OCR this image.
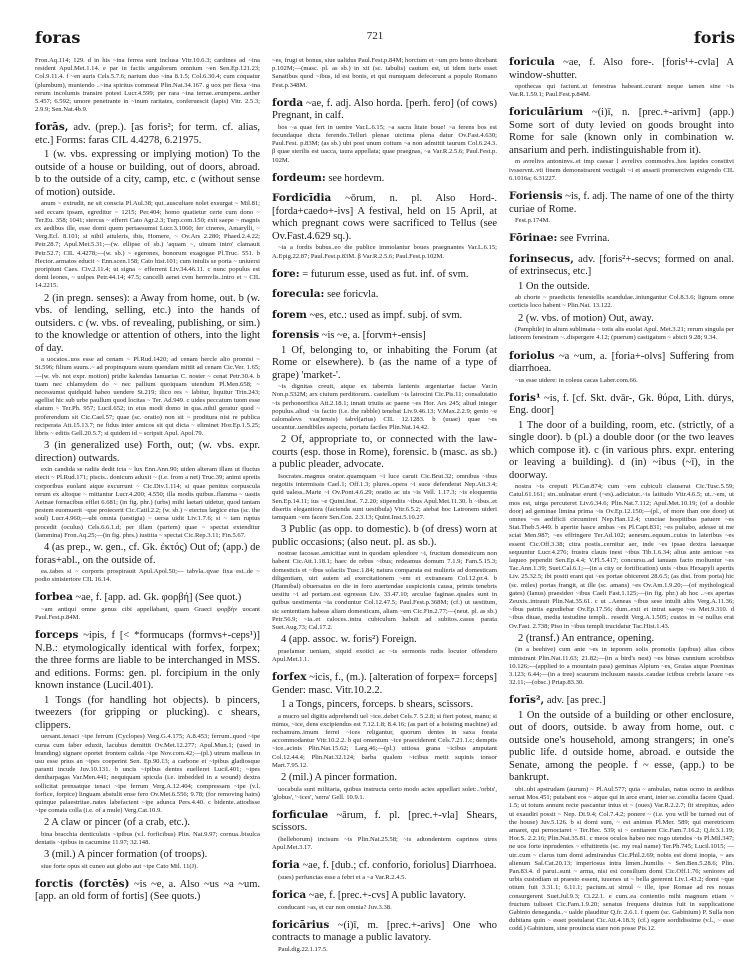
foras	721	foris
Fron.Aq.114; 129. d in his ~ina ferrea sunt inclusa Vitr.10.6.3; cardines ad ~ina resident Apul.Met.1.14. e par in faciis angulorum omnium ~en Sen.Ep.121.23; Col.9.11.4. f ~en auris Cels.5.7.6; narium duo ~ina 8.1.5; Col.6.30.4; cum coquatur (plumbum), muniendo ..~ina spiritus commeat Plin.Nat.34.167. g uox per flexa ~ina rerum incolumis transire potest Lucr.4.599; per rara ~ina terrae..erumpens..aether 5.457; 6.592; umore penetrante in ~inum raritates, conferuescit (lapis) Vitr. 2.5.3; 2.9.9; Sen.Nat.4b.9.
forās, adv. (prep.). [as foris²; for term. cf. alias, etc.] Forms: faras CIL 4.4278, 6.21975.
1 (w. vbs. expressing or implying motion) To the outside of a house or building, out of doors, abroad. b to the outside of a city, camp, etc. c (without sense of motion) outside.
anum ~ extrudit, ne sit conscia Pl.Aul.38; qui..auscultare nolet exsurgat ~ Mil.81; sed eccam ipsam, egreditur ~ 1215; Per.404; homo quatietur certe cum dono ~ Ter.Eu. 358; 1041; stercus ~ efferri Cato Agr.2.3; Turp.com.150; exit saepe ~ magnis ex aedibus ille, esse domi quem pertaesumst Lucr.3.1060; fer cineres, Amarylli, ~ Verg.Ecl. 8.101; si nihil attuleris, ibis, Homere, ~ Ov.Ars 2.280; Phaed.2.4.22; Petr.28.7; Apul.Met.5.31;—(w. ellipse of sb.) 'aquam ~, uinum intro' clamauit Petr.52.7; CIL 4.4278;—(w. sb.) ~ egerones, bonorum exagogae Pl.Truc. 551. b Hector..armatos educit ~ Enn.scen.158; Cato hist.101; cum intulis se porta ~ uniuersi proripiunt Caes. Civ.2.11.4; ut signa ~ efferrent Liv.34.46.11. c nunc populus est domi leones, ~ uulpes Petr.44.14; 47.5; cancelli aenei cvm hermvlis..intro et ~ CIL 14.2215.
2 (in pregn. senses): a Away from home, out. b (w. vbs. of lending, selling, etc.) into the hands of outsiders. c (w. vbs. of revealing, publishing, or sim.) to the knowledge or attention of others, into the light of day.
a uocatos..uos esse ad cenam ~ Pl.Rud.1420; ad cenam hercle alio promisi ~ St.596; filium suum..~ ad propinquum suum quendam mittit ad cenam Cic.Ver. 1.65;—(w. vb. not expr. motion) pridie kalendas Ianuarias C. noster ~ cenat Petr.30.4. b tuam nec chlamydem do ~ nec pallium quoiquam utendum Pl.Men.658; ~ necessumst quidquid habeo uendere St.219; ilico res ~ labitur, liquitur Trin.243; agellist hic sub urbe paullum quod locitas ~ Ter. Ad.949. c uides peccatum tuom esse elatum ~ Ter.Ph. 957; Lucil.652; in eius modi domo in qua..nihil geratur quod ~ proferendum sit Cic.Cael.57; quae (sc. oratio) non sit ~ proditura nisi re publica reciperata Att.15.13.7; ne fidus inter amicos sit qui dicta ~ eliminet Hor.Ep.1.5.25; libris ~ editis Gell.20.5.7; si quidem id ~ scripsit Apul. Apol.79.
3 (in generalized use) Forth, out; (w. vbs. expr. direction) outwards.
exin candida se radiis dedit icta ~ lux Enn.Ann.90; uiden alteram illam ut fluctus eiecit ~ Pl.Rud.171; piscis.. donicum aduxit ~ (i.e. from a net) Truc.39; animi spretis corporibus euolant atque excurrunt ~ Cic.Div.1.114; si quae penitus corpuscula rerum ex altoque ~ mittantur Lucr.4.200; 4.550; illa modis quibus..flamma ~ uastis Aetnae fornacibus efflet 6.681; (in fig. phr.) (urbs) mihi laetari uidetur, quod tantam pestem euomuerit ~que proiecerit Cic.Catil.2.2; (w. sb.) ~ eiectus largice eius (sc. the soul) Lucr.4.960;—ubi omnia (uestigia) ~ uersa uidit Liv.1.7.6; si ~ iam ruptus procedit (oculus) Cels.6.6.1.d; per illam (partem) quae ~ spectat extenditur (lammina) Fron.Aq.25;—(in fig. phrs.) iustitia ~ spectat Cic.Rep.3.11; Fin.5.67.
4 (as prep., w. gen., cf. Gk. ἐκτός) Out of; (app.) de foras+abl., on the outside of.
ea..tabes si ~ corporis prospirauit Apul.Apol.50;— tabvla..qvae fixa est..de ~ podio sinisteriore CIL 16.14.
forbea ~ae, f. [app. ad. Gk. φορβή] (See quot.)
~am antiqui omne genus cibi appellabant, quam Graeci φορβήν uocant Paul.Fest.p.84M.
forceps ~ipis, f [< *formucaps (formvs+-ceps¹)] N.B.: etymologically identical with forfex, forpex; the three forms are liable to be interchanged in MSS. and editions. Forms: gen. pl. forcipium in the only known instance (Lucil.401).
1 Tongs (for handling hot objects). b pincers, tweezers (for gripping or plucking). c shears, clippers.
uersant..tenaci ~ipe ferrum (Cyclopes) Verg.G.4.175; A.8.453; ferrum..quod ~ipe curua cum faber eduxit, lacubus demittit Ov.Met.12.277; Apul.Mun.1; (used in branding) signare oportet frontem calida ~ipe Nov.com.42;—(pl.) utrum malleus in usu esse prius an ~ipes coeperint Sen. Ep.90.13; a carbone et ~ipibus gladiosque paranti incude Juv.10.131. b uncis ~ipibus dentes euelleret Lucil.401; ~ipes dentharpagas Var.Men.441; nequiquam spicula (i.e. imbedded in a wound) dextra sollicitat prensatque tenaci ~ipe ferrum Verg.A.12.404; compressam ~ipe (v.l. forfice, forpice) linguam abstulit ense fero Ov.Met.6.556; 9.78; (for removing hairs) quinque palaestritae..nates labefactent ~ipe adunca Pers.4.40. c bidente..attodisse ~ipe comata colla (i.e. of a mule) Verg.Cat.10.9.
2 A claw or pincer (of a crab, etc.).
bina bracchia denticulatis ~ipibus (v.l. forficibus) Plin. Nat.9.97; cornua..bisulca dentatis ~ipibus in cacumine 11.97; 32.148.
3 (mil.) A pincer formation (of troops).
siue forte opus sit cuneo aut globo aut ~ipe Cato Mil. 11(J).
forctis (forctēs) ~is ~e, a. Also ~us ~a ~um. [app. an old form of fortis] (See quots.)
~es, frugi et bonus, siue ualidus Paul.Fest.p.84M; horctum et ~um pro bono dicebant p.102M;—(masc. pl. as sb.) in xii (sc. tabulis) cautum est, ut idem iuris esset Sanatibus quod ~ibus, id est bonis, et qui numquam defecerunt a populo Romano Fest.p.348M.
forda ~ae, f. adj. Also horda. [perh. fero] (of cows) Pregnant, in calf.
bos ~a quae fert in uentre Var.L.6.15; ~a sacra litate boue! ~a ferens bos est fecundaque dicta ferendo..Telluri plenae uictima plena datur Ov.Fast.4.630; Paul.Fest. p.83M; (as sb.) ubi post unum coitum ~a non admittit taurum Col.6.24.3. β quae sterilis est uacca, taura appellata; quae praegnas, ~a Var.R.2.5.6; Paul.Fest.p. 102M.
fordeum: see hordevm.
Fordicīdia ~ōrum, n. pl. Also Hord-. [forda+caedo+-ivs] A festival, held on 15 April, at which pregnant cows were sacrificed to Tellus (see Ov.Fast.4.629 sq.).
~ia a fordis bubus..eo die publice immolantur boues praegnantes Var.L.6.15; A.Epig.22.87; Paul.Fest.p.83M. β Var.R.2.5.6; Paul.Fest.p.102M.
fore: = futurum esse, used as fut. inf. of svm.
forecula: see foricvla.
forem ~es, etc.: used as impf. subj. of svm.
forensis ~is ~e, a. [forvm+-ensis]
1 Of, belonging to, or inhabiting the Forum (at Rome or elsewhere). b (as the name of a type of grape) 'market-'.
~is dignitas creuit, atque ex tabernis lanienis argentariae factae Var.in Non.p.532M; arx ciuium perditorum.. castellum ~is latrocini Cic.Pis.11; consalutatio ~is perhonorifica Att.2.18.1; innati triuiis ac paene ~es Hor. Ars 245; aliud integer populus..aliud ~is factio (i.e. the rabble) tenebat Liv.9.46.13; V.Max.2.2.9; genio ~e calomalevs vas(iensis) tabvl(arius) CIL 12.1283. b (uuae) quae ~es uocantur..uendibiles aspectu, portatu faciles Plin.Nat.14.42.
2 Of, appropriate to, or connected with the law-courts (esp. those in Rome), forensic. b (masc. as sb.) a public pleader, advocate.
Isocrates..magnus orator..quamquam ~i luce caruit Cic.Brut.32; omnibus ~ibus negotiis intermissis Cael.1; Off.1.3; plures..opera ~i suos defenderat Nep.Att.3.4; quid ualess..Marte ~i Ov.Pont.4.6.29; oratio ac uis ~is Vell. 1.17.3; ~is eloquentia Sen.Ep.14.11; ius ~e Quint.Inst. 7.2.20; stipendiis ~ibus Apul.Met.11.30. b ~ibus..et disertis elegantiora (facienda sunt uestibula) Vitr.6.5.2; aiebat hoc Latronem uideri tamquam ~em facere Sen.Con. 2.3.13; Quint.Inst.5.10.27.
3 Public (as opp. to domestic). b (of dress) worn at public occasions; (also neut. pl. as sb.).
nostrae facosae..amicitiae sunt in quodam splendore ~i, fructum domesticum non habent Cic.Att.1.18.1; haec de rebus ~ibus; redeamus domum 7.1.9; Fam.5.15.3; domesticis et ~ibus solaciis Tusc.1.84; natura comparata est mulieris ad domesticam diligentiam, uiri autem ad exercitationem ~em et extraneam Col.12.pr.4. b (Hannibal) obuersatus eo die in foro auertendae suspicionis causa, primis tenebris uestitu ~i ad portam..est egressus Liv. 33.47.10; arculae faginae..quales sunt in quibus uestimenta ~ia conduntur Col.12.47.5; Paul.Fest.p.368M; (cf.) ut uestitum, sic sententiam habeas aliam domesticam, aliam ~em Cic.Fin.2.77;—(neut. pl. as sb.) Petr.56.9; ~ia..et caloces..intra cubiculum habuit ad subitos..casus parata Suet.Aug.73; Cal.17.2.
4 (app. assoc. w. foris²) Foreign.
praefamur ueniam, siquid exotici ac ~is sermonis rudis locutor offendero Apul.Met.1.1.
forfex ~icis, f., (m.). [alteration of forpex= forceps] Gender: masc. Vitr.10.2.2.
1 a Tongs, pincers, forceps. b shears, scissors.
a mucro uel digitis adprehendi uel ~ice..debet Cels.7. 5.2.8; si fieri potest, manu; si minus, ~ice, dens excipiendus est 7.12.1.8; 8.4.16; (as part of a hoisting machine) ad rechamum..imum ferrei ~ices religantur, quorum dentes in saxa forata accommodantur Vitr.10.2.2. b qui omentum ~ice praeciderent Cels.7.21.1.c; demptis ~ice..acinis Plin.Nat.15.62; Larg.46;—(pl.) uitiosa grana ~icibus amputant Col.12.44.4; Plin.Nat.32.124; barba qualem ~icibus metit supinis tonsor Mart.7.95.12.
2 (mil.) A pincer formation.
uocabula sunt militaria, quibus instructa certo modo acies appellari solet:..'orbis', 'globus', '~ices', 'serra' Gell. 10.9.1.
forficulae ~ārum, f. pl. [prec.+-vla] Shears, scissors.
(helleborum) incisum ~is Plin.Nat.25.58; ~is adtondentem caprinos utres Apul.Met.3.17.
foria ~ae, f. [dub.; cf. conforio, foriolus] Diarrhoea.
(sues) perfunctas esse a febri et a ~a Var.R.2.4.5.
forica ~ae, f. [prec.+-cvs] A public lavatory.
conducant ~as, et cur non omnia? Juv.3.38.
foricārius ~(i)ī, m. [prec.+-arivs] One who contracts to manage a public lavatory.
Paul.dig.22.1.17.5.
foricula ~ae, f. Also fore-. [foris¹+-cvla] A window-shutter.
opothecas qui faciunt..ut fenestras habeant..curant neque tamen sine ~is Var.R.1.59.1; Paul.Fest.p.84M.
foriculārium ~(i)ī, n. [prec.+-arivm] (app.) Some sort of duty levied on goods brought into Rome for sale (known only in combination w. ansarium and perh. indistinguishable from it).
m avrelivs antoninvs..et imp caesar l avrelivs commodvs..hos lapides constitvi ivsservnt..vti finem demonstrarent vectigali ~i et ansarii promercivm exigvndo CIL 6.1016a; 6.31227.
Foriensis ~is, f. adj. The name of one of the thirty curiae of Rome.
Fest.p.174M.
Fōrinae: see Fvrrina.
forinsecus, adv. [foris²+-secvs; formed on anal. of extrinsecus, etc.]
1 On the outside.
ab chorte ~ praedictis fenestellis scandulae..iniungantur Col.8.3.6; lignum omne corticis loco habent ~ Plin.Nat. 13.122.
2 (w. vbs. of motion) Out, away.
(Pamphile) in altum sublimata ~ totis alis euolat Apul. Met.3.21; rerum singula per latiorem fenestram ~..dispergere 4.12; (puerum) castigatum ~ abicit 9.28; 9.34.
foriolus ~a ~um, a. [foria+-olvs] Suffering from diarrhoea.
~us esse uidere: in coleus cacas Laber.com.66.
foris¹ ~is, f. [cf. Skt. dvār-, Gk. θύρα, Lith. dúrys, Eng. door]
1 The door of a building, room, etc. (strictly, of a single door). b (pl.) a double door (or the two leaves which compose it). c (in various phrs. expr. entering or leaving a building). d (in) ~ibus (~ī), in the doorway.
nostra ~is crepuit Pl.Cas.874; cum ~em cubiculi clauserat Cic.Tusc.5.59; Catul.61.161; sin..uulnatae erunt (~es)..adiciatur..~is latitudo Vitr.4.6.5; ut..~em, ut mos est, uirga percuteret Liv.6.34.6; Plin.Nat.7.112; Apul.Met.10.19; (of a double door) ad geminae limina prima ~is Ov.Ep.12.150;—(pl., of more than one door) ut omnes ~es aedificii circumiret Nep.Han.12.4; cunctae hospitibus patuere ~es Stat.Theb.5.449. b aperite hasce ambas ~es Pl.Capt.831; ~es pultabo, adesse ut me sciat Men.987; ~es effringere Ter.Ad.102; aeneum..equum..cuius in lateribus ~es essent Cic.Off.3.38; citra postis..cernitur aer, inde ~es ipsae dextra laeuaque sequuntur Lucr.4.276; frustra clauis inest ~ibus Tib.1.6.34; alius ante amicae ~es laqueo pependit Sen.Ep.4.4; V.Fl.5.417; concursu..ad ianuam facto moliuntur ~es Tac.Ann.1.39; Suet.Cal.6.1;—(in a city or fortification) unis ~ibus Hexapyli apertis Liv. 25.32.5; ibi positi erant qui ~es portae obicerent 28.6.5; (as dist. from porta) hic (sc. miles) portas frangit, at ille (sc. amans) ~es Ov.Am.1.9.20;—(of mythological gates) (Ianus) praesideo ~ibus Caeli Fast.1.125;—(in fig. phr.) ab hoc ..~es apertas Zeuxis..intrauit Plin.Nat.35.61. c ut ..Aeneas ~ibus sese intulit altis Verg.A.11.36; ~ibus patriis egrediebar Ov.Ep.17.56; dum..exit et intrat saepe ~es Met.9.310. d ~ibus diuae, media testudine templi.. resedit Verg.A.1.505; custos in ~e nullus erat Ov.Fast. 2.738; Piso in ~ibus templi trucidatur Tac.Hist.1.43.
2 (transf.) An entrance, opening.
(in a beehive) cum ante ~es in teporem solis promotis (apibus) alias cibos ministrant Plin.Nat.11.63; 21.82;—(in a bird's nest) ~es binas cunnium scrobibus 10.126;—(applied to a mountain pass) geminas Alpium ~es, Graias atque Poeninas 3.123; 6.44;—(in a tree) scaurum inclusum nassis..caudae ictibus crebris laxare ~es 32.11;—(obsc.) Priap.83.30.
forīs², adv. [as prec.]
1 On the outside of a building or other enclosure, out of doors, outside. b away from home, out. c outside one's household, among strangers; in one's public life. d outside home, abroad. e outside the Senate, among the people. f ~ esse, (app.) to be bankrupt.
ubi..ubi apstrudam (aurum) ~ Pl.Aul.577; quia ~ ambulas, natus ocmo in aedibus seruat Mos.451; putabant eos ~ atque qui in arce erant, inter se..consilia facere Quad. 1.5; ut totum annum recte pascantur intus et ~ (oues) Var.R.2.2.7; fit strepitus, adeo ut exaudiri possit ~ Nep. Di.9.4; Col.7.4.2; ponere ~ (i.e. you will be turned out of the house) Juv.5.126. b si domi sum, ~ est animus Pl.Mer. 589; qui meretricem amaret, qui pernoctaret ~ Ter.Hec. 539; si ~ cenitarem Cic.Fam.7.16.2; Q.fr.3.1.19; Hor.S. 2.2.16; Plin.Nat.35.81. c meos oculos habeo nec rogo utendos ~is Pl.Mil.347; ne uos forte inprudentes ~ effuttiretis (sc. my real name) Ter.Ph.745; Lucil.1015; —uir..cum ~ clarus tum domi admirandus Cic.Phil.2.69; nobis est domi inopia, ~ aes alienum Sal.Cat.20.13; imperiosus intra limen..humilis ~ Sen.Ben.5.28.6; Plin. Pan.83.4. d parui..sunt ~ arma, nisi est consilium domi Cic.Off.1.76; seniores ad urbis custodiam ut praesto essent, iuuenes ut ~ bella gererent Liv.1.43.2; domi ~que otium fuit 3.31.1; 6.11.1; pactum..ut simul ~ ille, ipse Romae ad res nouas consurgerent Suet.Jul.9.3; Ci.22.1. e cum..ea contentio mihi magnum etiam ~ fructum tulisset Cic.Fam.1.9.20; senatus frequens diuinus fuit in supplicatione Gabinio deneganda..~ ualde plauditur Q.fr. 2.6.1. f quem (sc. Gabinium) P. Sulla non dubitans quin ~ esset postularat Cic.Att.4.18.3; (cf.) egere sordidissime (v.l., ~ esse codd.) Gabinium, sine prouincia stare non posse Pis.12.
